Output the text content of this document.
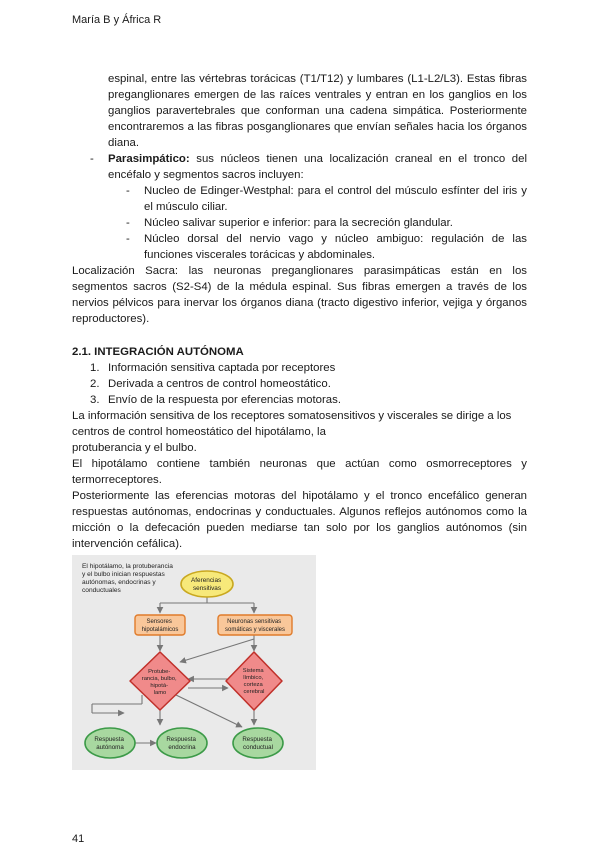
María B y África R

espinal, entre las vértebras torácicas (T1/T12) y lumbares (L1-L2/L3). Estas fibras preganglionares emergen de las raíces ventrales y entran en los ganglios en los ganglios paravertebrales que conforman una cadena simpática. Posteriormente encontraremos a las fibras posganglionares que envían señales hacia los órganos diana.

- Parasimpático: sus núcleos tienen una localización craneal en el tronco del encéfalo y segmentos sacros incluyen:
- Nucleo de Edinger-Westphal: para el control del músculo esfínter del iris y el músculo ciliar.
- Núcleo salivar superior e inferior: para la secreción glandular.
- Núcleo dorsal del nervio vago y núcleo ambiguo: regulación de las funciones viscerales torácicas y abdominales.

Localización Sacra: las neuronas preganglionares parasimpáticas están en los segmentos sacros (S2-S4) de la médula espinal. Sus fibras emergen a través de los nervios pélvicos para inervar los órganos diana (tracto digestivo inferior, vejiga y órganos reproductores).

2.1. INTEGRACIÓN AUTÓNOMA
1. Información sensitiva captada por receptores
2. Derivada a centros de control homeostático.
3. Envío de la respuesta por eferencias motoras.

La información sensitiva de los receptores somatosensitivos y viscerales se dirige a los centros de control homeostático del hipotálamo, la

protuberancia y el bulbo.

El hipotálamo contiene también neuronas que actúan como osmorreceptores y termorreceptores.

Posteriormente las eferencias motoras del hipotálamo y el tronco encefálico generan respuestas autónomas, endocrinas y conductuales. Algunos reflejos autónomos como la micción o la defecación pueden mediarse tan solo por los ganglios autónomos (sin intervención cefálica).

El hipotálamo, la protuberancia y el bulbo inician respuestas autónomas, endocrinas y conductuales
Aferencias sensitivas
Sensores hipotalámicos
Neuronas sensitivas somáticas y viscerales
Protube- rancia, bulbo, hipotá- lamo
Sistema límbico, corteza cerebral
Respuesta autónoma
Respuesta endocrina
Respuesta conductual
41
